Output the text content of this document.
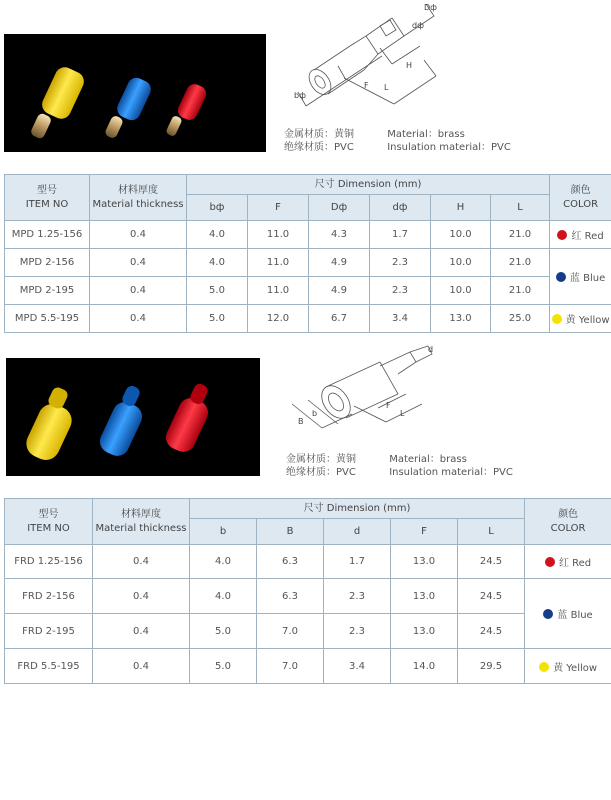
Dф
dф
bф
F
H
L
金属材质：黄铜	Material：brass
绝缘材质：PVC	Insulation material：PVC
型号
ITEM NO	材料厚度
Material thickness	尺寸 Dimension (mm)						颜色
COLOR
		bф	F	Dф	dф	H	L	
MPD 1.25-156	0.4	4.0	11.0	4.3	1.7	10.0	21.0	红 Red
MPD 2-156	0.4	4.0	11.0	4.9	2.3	10.0	21.0	蓝 Blue
MPD 2-195	0.4	5.0	11.0	4.9	2.3	10.0	21.0	
MPD 5.5-195	0.4	5.0	12.0	6.7	3.4	13.0	25.0	黄 Yellow
d
b
B
F
L
金属材质：黄铜	Material：brass
绝缘材质：PVC	Insulation material：PVC
型号
ITEM NO	材料厚度
Material thickness	尺寸 Dimension (mm)					颜色
COLOR
		b	B	d	F	L	
FRD 1.25-156	0.4	4.0	6.3	1.7	13.0	24.5	红 Red
FRD 2-156	0.4	4.0	6.3	2.3	13.0	24.5	蓝 Blue
FRD 2-195	0.4	5.0	7.0	2.3	13.0	24.5	
FRD 5.5-195	0.4	5.0	7.0	3.4	14.0	29.5	黄 Yellow
